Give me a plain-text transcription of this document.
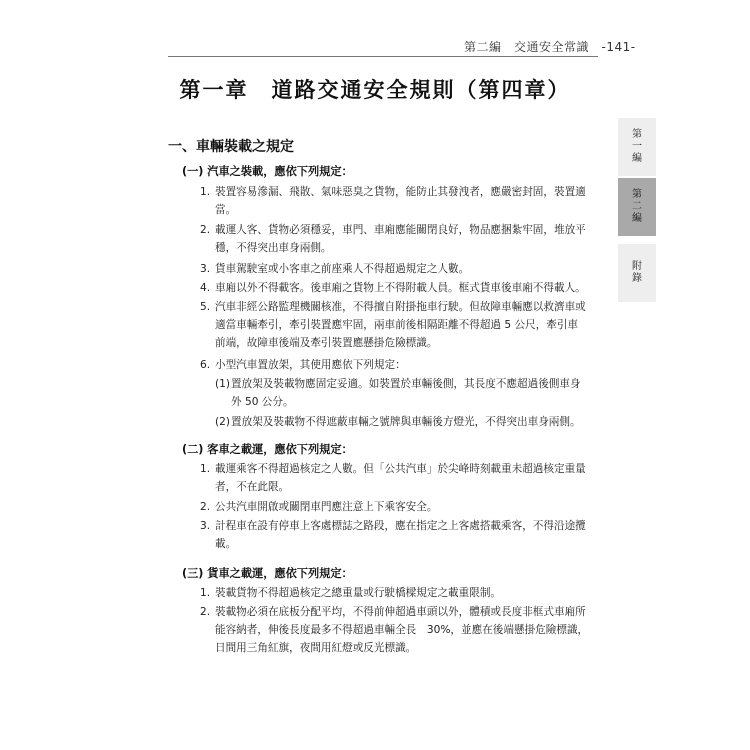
第二編　交通安全常識　-141-
第一章　道路交通安全規則（第四章）
一、車輛裝載之規定
第一編
第二編
附錄
(一) 汽車之裝載，應依下列規定：
1. 裝置容易滲漏、飛散、氣味惡臭之貨物，能防止其發洩者，應嚴密封固，裝置適
當。
2. 載運人客、貨物必須穩妥，車門、車廂應能關閉良好，物品應捆紮牢固，堆放平
穩，不得突出車身兩側。
3. 貨車駕駛室或小客車之前座乘人不得超過規定之人數。
4. 車廂以外不得載客。後車廂之貨物上不得附載人員。框式貨車後車廂不得載人。
5. 汽車非經公路監理機關核准，不得擅自附掛拖車行駛。但故障車輛應以救濟車或
適當車輛牽引，牽引裝置應牢固，兩車前後相隔距離不得超過 5 公尺，牽引車
前端，故障車後端及牽引裝置應懸掛危險標識。
6. 小型汽車置放架，其使用應依下列規定：
(1)置放架及裝載物應固定妥適。如裝置於車輛後側，其長度不應超過後側車身
外 50 公分。
(2)置放架及裝載物不得遮蔽車輛之號牌與車輛後方燈光，不得突出車身兩側。
(二) 客車之載運，應依下列規定：
1. 載運乘客不得超過核定之人數。但「公共汽車」於尖峰時刻載重未超過核定重量
者，不在此限。
2. 公共汽車開啟或關閉車門應注意上下乘客安全。
3. 計程車在設有停車上客處標誌之路段，應在指定之上客處搭載乘客，不得沿途攬
載。
(三) 貨車之載運，應依下列規定：
1. 裝載貨物不得超過核定之總重量或行駛橋樑規定之載重限制。
2. 裝載物必須在底板分配平均，不得前伸超過車頭以外，體積或長度非框式車廂所
能容納者，伸後長度最多不得超過車輛全長　30%，並應在後端懸掛危險標識，
日間用三角紅旗，夜間用紅燈或反光標識。
